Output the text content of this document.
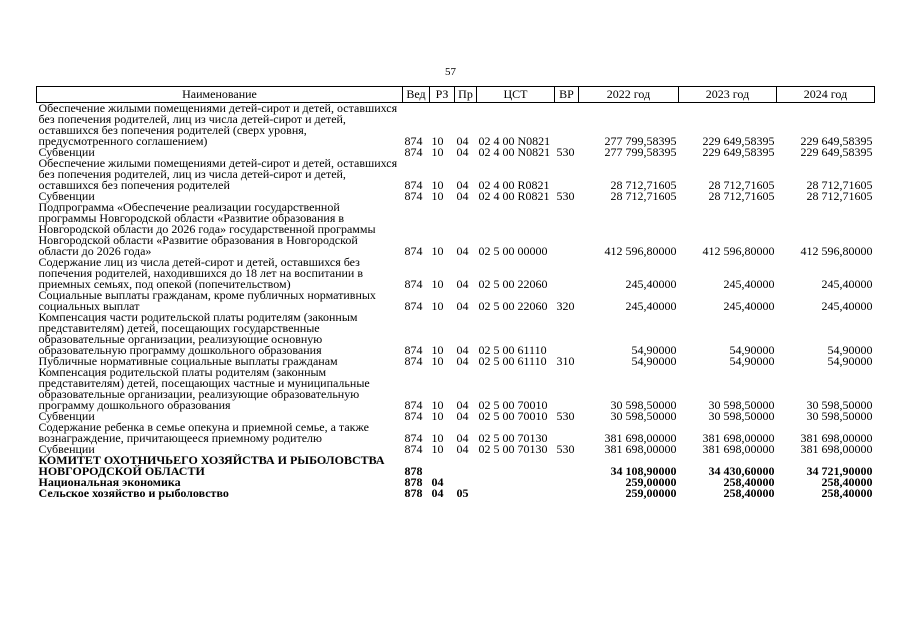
57
Наименование	Вед	РЗ	Пр	ЦСТ	ВР	2022 год	2023 год	2024 год
Обеспечение жилыми помещениями детей-сирот и детей, оставшихся без попечения родителей, лиц из числа детей-сирот и детей, оставшихся без попечения родителей (сверх уровня, предусмотренного соглашением)	874	10	04	02 4 00 N0821		277 799,58395	229 649,58395	229 649,58395
Субвенции	874	10	04	02 4 00 N0821	530	277 799,58395	229 649,58395	229 649,58395
Обеспечение жилыми помещениями детей-сирот и детей, оставшихся без попечения родителей, лиц из числа детей-сирот и детей, оставшихся без попечения родителей	874	10	04	02 4 00 R0821		28 712,71605	28 712,71605	28 712,71605
Субвенции	874	10	04	02 4 00 R0821	530	28 712,71605	28 712,71605	28 712,71605
Подпрограмма «Обеспечение реализации государственной программы Новгородской области «Развитие образования в Новгородской области до 2026 года» государственной программы Новгородской области «Развитие образования в Новгородской области до 2026 года»	874	10	04	02 5 00 00000		412 596,80000	412 596,80000	412 596,80000
Содержание лиц из числа детей-сирот и детей, оставшихся без попечения родителей, находившихся до 18 лет на воспитании в приемных семьях, под опекой (попечительством)	874	10	04	02 5 00 22060		245,40000	245,40000	245,40000
Социальные выплаты гражданам, кроме публичных нормативных социальных выплат	874	10	04	02 5 00 22060	320	245,40000	245,40000	245,40000
Компенсация части родительской платы родителям (законным представителям) детей, посещающих государственные образовательные организации, реализующие основную образовательную программу дошкольного образования	874	10	04	02 5 00 61110		54,90000	54,90000	54,90000
Публичные нормативные социальные выплаты гражданам	874	10	04	02 5 00 61110	310	54,90000	54,90000	54,90000
Компенсация родительской платы родителям (законным представителям) детей, посещающих частные и муниципальные образовательные организации, реализующие образовательную программу дошкольного образования	874	10	04	02 5 00 70010		30 598,50000	30 598,50000	30 598,50000
Субвенции	874	10	04	02 5 00 70010	530	30 598,50000	30 598,50000	30 598,50000
Содержание ребенка в семье опекуна и приемной семье, а также вознаграждение, причитающееся приемному родителю	874	10	04	02 5 00 70130		381 698,00000	381 698,00000	381 698,00000
Субвенции	874	10	04	02 5 00 70130	530	381 698,00000	381 698,00000	381 698,00000
КОМИТЕТ ОХОТНИЧЬЕГО ХОЗЯЙСТВА И РЫБОЛОВСТВА НОВГОРОДСКОЙ ОБЛАСТИ	878					34 108,90000	34 430,60000	34 721,90000
Национальная экономика	878	04				259,00000	258,40000	258,40000
Сельское хозяйство и рыболовство	878	04	05			259,00000	258,40000	258,40000
